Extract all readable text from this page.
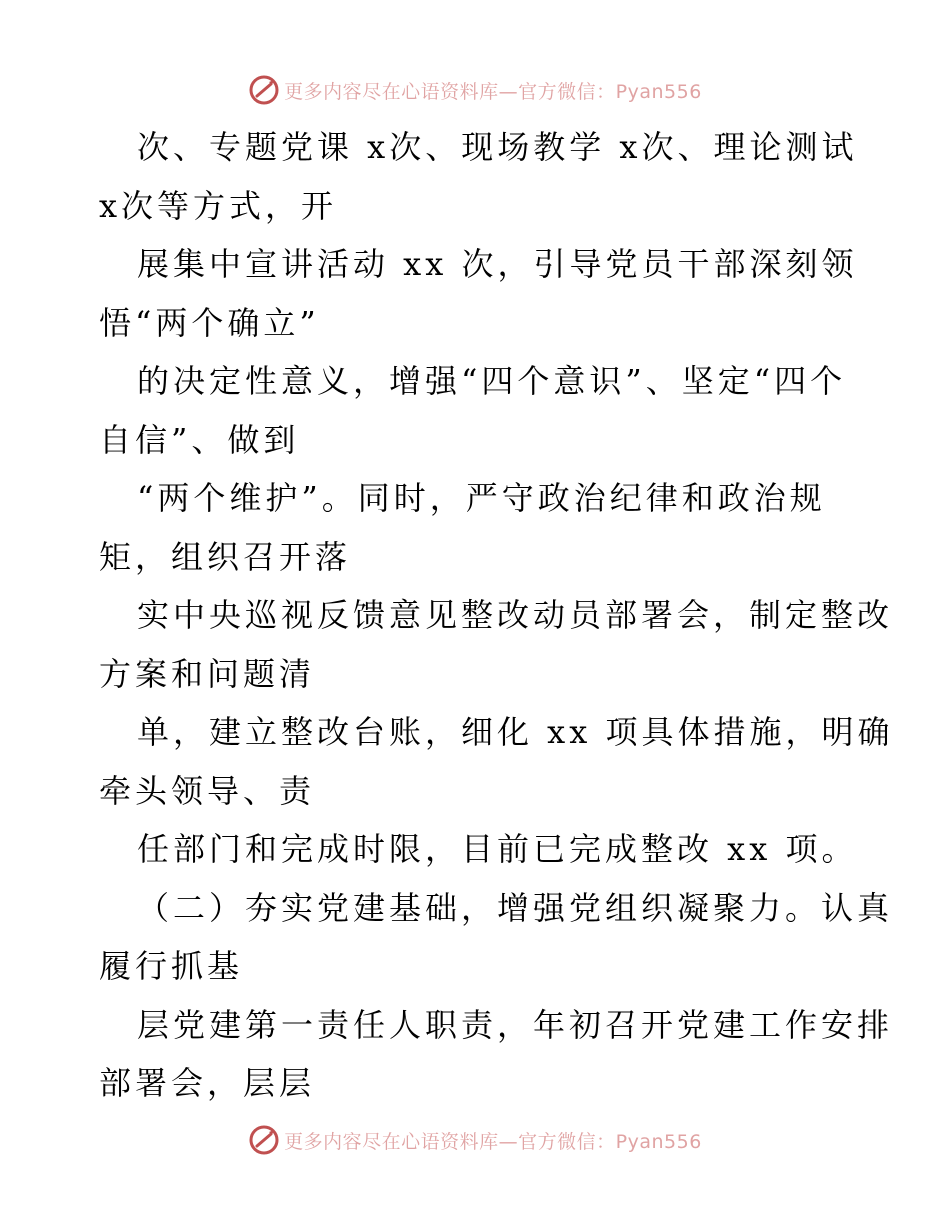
更多内容尽在心语资料库—官方微信：Pyan556
次、专题党课 x次、现场教学 x次、理论测试
x次等方式，开
展集中宣讲活动 xx 次，引导党员干部深刻领
悟“两个确立”
的决定性意义，增强“四个意识”、坚定“四个
自信”、做到
“两个维护”。同时，严守政治纪律和政治规
矩，组织召开落
实中央巡视反馈意见整改动员部署会，制定整改
方案和问题清
单，建立整改台账，细化 xx 项具体措施，明确
牵头领导、责
任部门和完成时限，目前已完成整改 xx 项。
（二）夯实党建基础，增强党组织凝聚力。认真
履行抓基
层党建第一责任人职责，年初召开党建工作安排
部署会，层层
更多内容尽在心语资料库—官方微信：Pyan556
